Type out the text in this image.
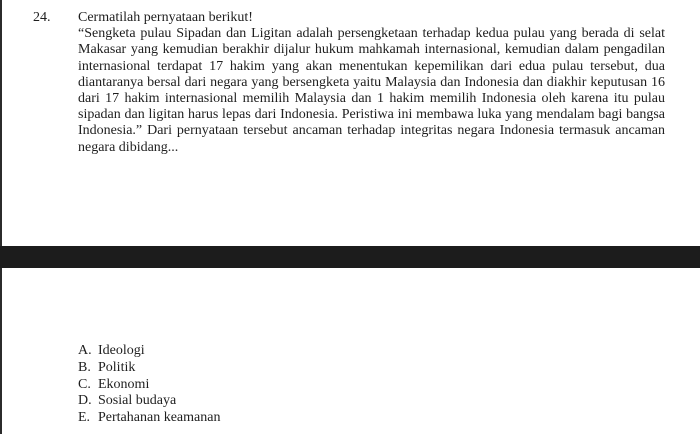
24. Cermatilah pernyataan berikut!

“Sengketa pulau Sipadan dan Ligitan adalah persengketaan terhadap kedua pulau yang berada di selat Makasar yang kemudian berakhir dijalur hukum mahkamah internasional, kemudian dalam pengadilan internasional terdapat 17 hakim yang akan menentukan kepemilikan dari edua pulau tersebut, dua diantaranya bersal dari negara yang bersengketa yaitu Malaysia dan Indonesia dan diakhir keputusan 16 dari 17 hakim internasional memilih Malaysia dan 1 hakim memilih Indonesia oleh karena itu pulau sipadan dan ligitan harus lepas dari Indonesia. Peristiwa ini membawa luka yang mendalam bagi bangsa Indonesia.” Dari pernyataan tersebut ancaman terhadap integritas negara Indonesia termasuk ancaman negara dibidang...

A. Ideologi
B. Politik
C. Ekonomi
D. Sosial budaya
E. Pertahanan keamanan
